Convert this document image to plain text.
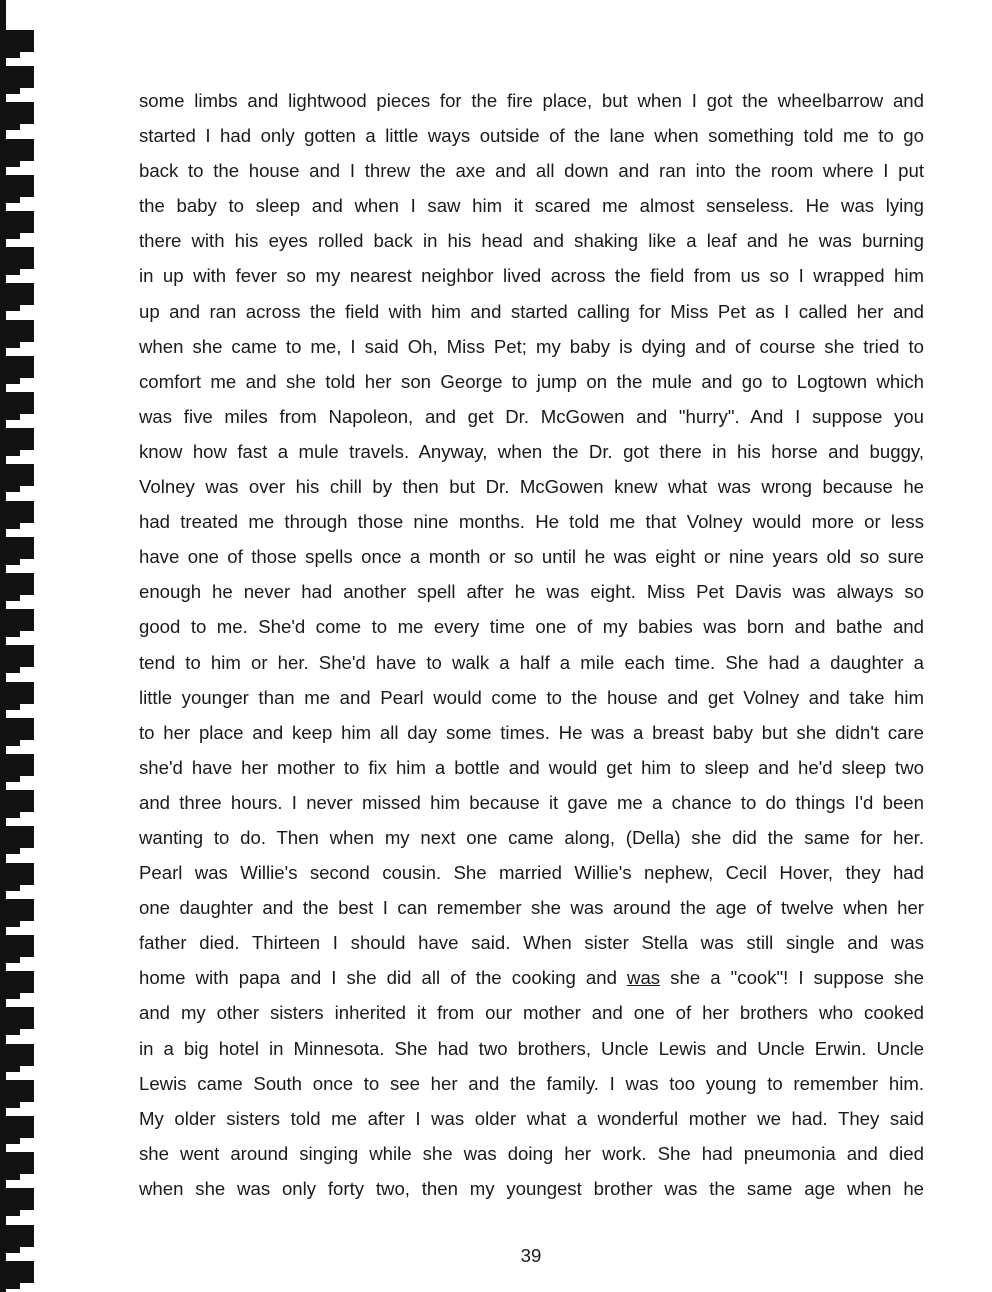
some limbs and lightwood pieces for the fire place, but when I got the wheelbarrow and
started I had only gotten a little ways outside of the lane when something told me to go
back to the house and I threw the axe and all down and ran into the room where I put
the baby to sleep and when I saw him it scared me almost senseless. He was lying
there with his eyes rolled back in his head and shaking like a leaf and he was burning
in up with fever so my nearest neighbor lived across the field from us so I wrapped him
up and ran across the field with him and started calling for Miss Pet as I called her and
when she came to me, I said Oh, Miss Pet; my baby is dying and of course she tried to
comfort me and she told her son George to jump on the mule and go to Logtown which
was five miles from Napoleon, and get Dr. McGowen and "hurry". And I suppose you
know how fast a mule travels. Anyway, when the Dr. got there in his horse and buggy,
Volney was over his chill by then but Dr. McGowen knew what was wrong because he
had treated me through those nine months. He told me that Volney would more or less
have one of those spells once a month or so until he was eight or nine years old so sure
enough he never had another spell after he was eight. Miss Pet Davis was always so
good to me. She'd come to me every time one of my babies was born and bathe and
tend to him or her. She'd have to walk a half a mile each time. She had a daughter a
little younger than me and Pearl would come to the house and get Volney and take him
to her place and keep him all day some times. He was a breast baby but she didn't care
she'd have her mother to fix him a bottle and would get him to sleep and he'd sleep two
and three hours. I never missed him because it gave me a chance to do things I'd been
wanting to do. Then when my next one came along, (Della) she did the same for her.
Pearl was Willie's second cousin. She married Willie's nephew, Cecil Hover, they had
one daughter and the best I can remember she was around the age of twelve when her
father died. Thirteen I should have said. When sister Stella was still single and was
home with papa and I she did all of the cooking and was she a "cook"! I suppose she
and my other sisters inherited it from our mother and one of her brothers who cooked
in a big hotel in Minnesota. She had two brothers, Uncle Lewis and Uncle Erwin. Uncle
Lewis came South once to see her and the family. I was too young to remember him.
My older sisters told me after I was older what a wonderful mother we had. They said
she went around singing while she was doing her work. She had pneumonia and died
when she was only forty two, then my youngest brother was the same age when he
39
